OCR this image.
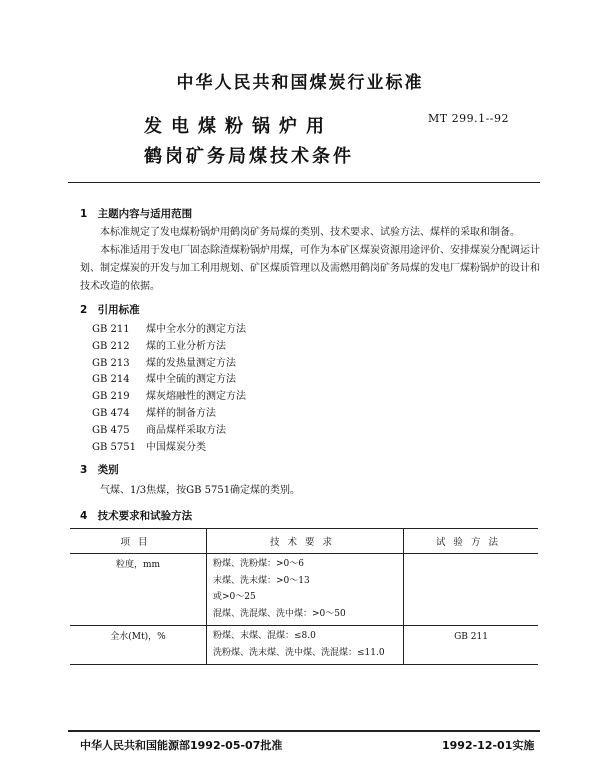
中华人民共和国煤炭行业标准
发电煤粉锅炉用
鹤岗矿务局煤技术条件
MT 299.1--92
1 主题内容与适用范围

本标准规定了发电煤粉锅炉用鹤岗矿务局煤的类别、技术要求、试验方法、煤样的采取和制备。

本标准适用于发电厂固态除渣煤粉锅炉用煤，可作为本矿区煤炭资源用途评价、安排煤炭分配调运计划、制定煤炭的开发与加工利用规划、矿区煤质管理以及需燃用鹤岗矿务局煤的发电厂煤粉锅炉的设计和技术改造的依据。

2 引用标准
GB 211 煤中全水分的测定方法
GB 212 煤的工业分析方法
GB 213 煤的发热量测定方法
GB 214 煤中全硫的测定方法
GB 219 煤灰熔融性的测定方法
GB 474 煤样的制备方法
GB 475 商品煤样采取方法
GB 5751 中国煤炭分类
3 类别

气煤、1/3焦煤，按GB 5751确定煤的类别。

4 技术要求和试验方法
项目	技术要求	试验方法
粒度，mm	粉煤、洗粉煤：>0～6
末煤、洗末煤：>0～13
或>0～25
混煤、洗混煤、洗中煤：>0～50	

全水(Mt)，%	粉煤、末煤、混煤：≤8.0
洗粉煤、洗末煤、洗中煤、洗混煤：≤11.0	GB 211
中华人民共和国能源部1992-05-07批准	1992-12-01实施
